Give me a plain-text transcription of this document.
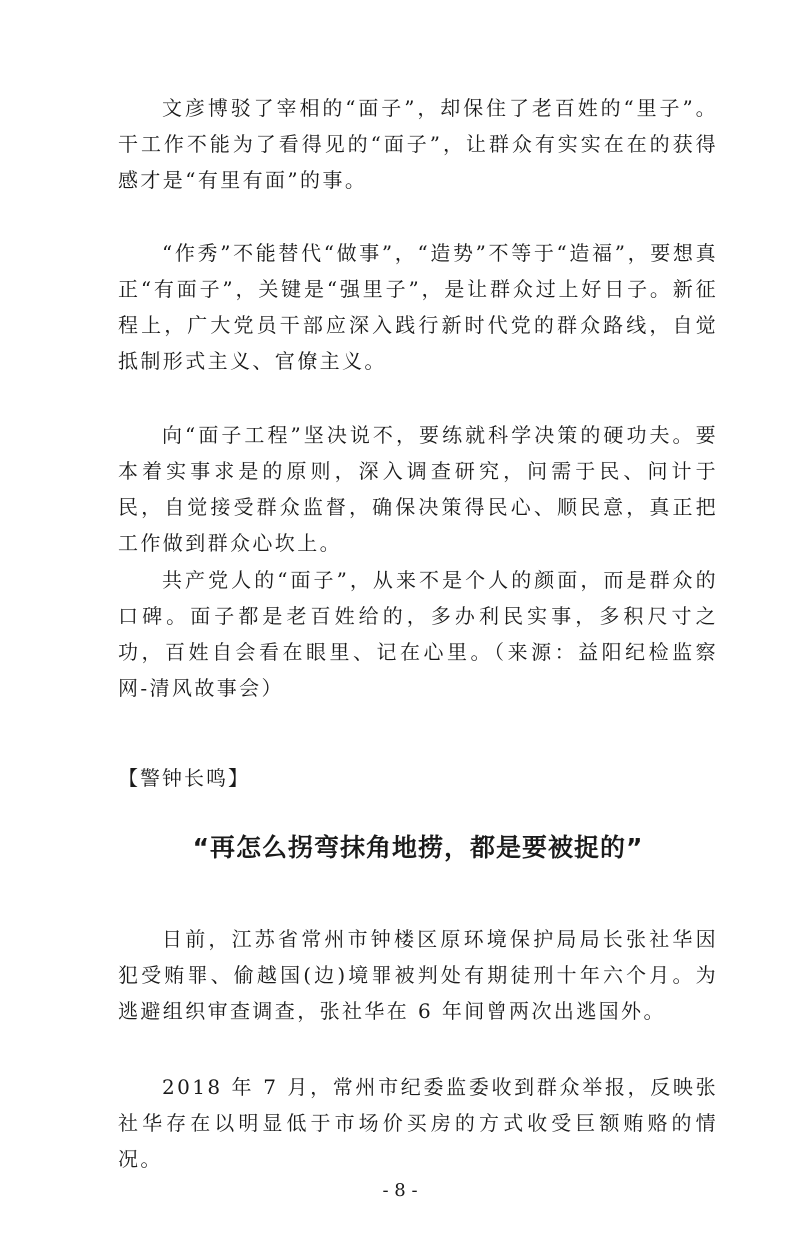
文彦博驳了宰相的“面子”，却保住了老百姓的“里子”。干工作不能为了看得见的“面子”，让群众有实实在在的获得感才是“有里有面”的事。

“作秀”不能替代“做事”，“造势”不等于“造福”，要想真正“有面子”，关键是“强里子”，是让群众过上好日子。新征程上，广大党员干部应深入践行新时代党的群众路线，自觉抵制形式主义、官僚主义。

向“面子工程”坚决说不，要练就科学决策的硬功夫。要本着实事求是的原则，深入调查研究，问需于民、问计于民，自觉接受群众监督，确保决策得民心、顺民意，真正把工作做到群众心坎上。

共产党人的“面子”，从来不是个人的颜面，而是群众的口碑。面子都是老百姓给的，多办利民实事，多积尺寸之功，百姓自会看在眼里、记在心里。（来源：益阳纪检监察网-清风故事会）

【警钟长鸣】

“再怎么拐弯抹角地捞，都是要被捉的”

日前，江苏省常州市钟楼区原环境保护局局长张社华因犯受贿罪、偷越国(边)境罪被判处有期徒刑十年六个月。为逃避组织审查调查，张社华在 6 年间曾两次出逃国外。

2018 年 7 月，常州市纪委监委收到群众举报，反映张社华存在以明显低于市场价买房的方式收受巨额贿赂的情况。

- 8 -
